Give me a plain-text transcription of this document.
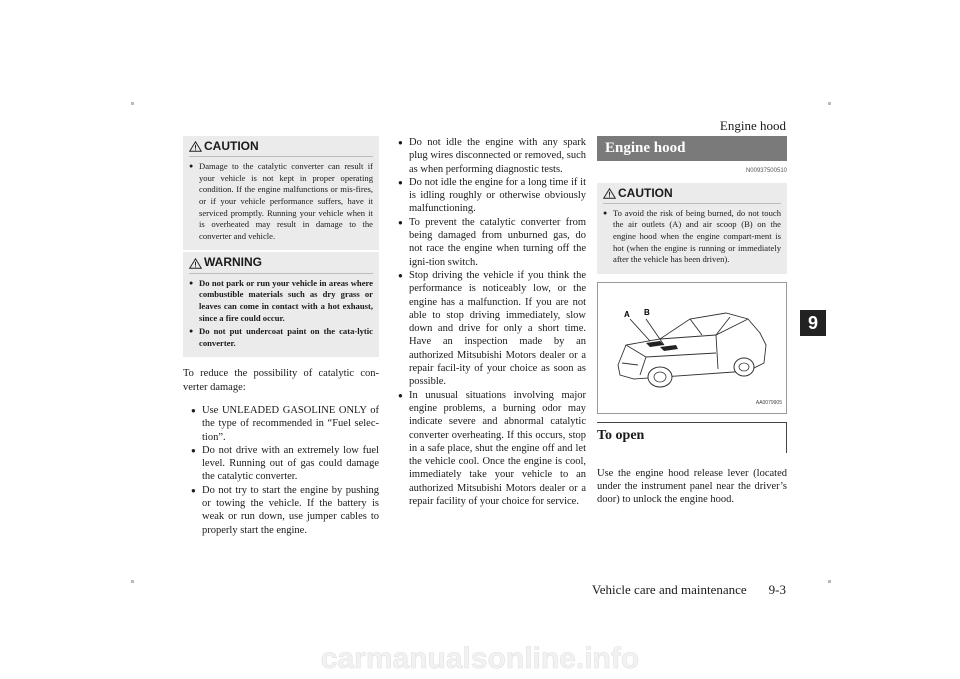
Engine hood
9
Vehicle care and maintenance 9-3
CAUTION
● Damage to the catalytic converter can result if your vehicle is not kept in proper operating condition. If the engine malfunctions or mis-fires, or if your vehicle performance suffers, have it serviced promptly. Running your vehicle when it is overheated may result in damage to the converter and vehicle.
WARNING
● Do not park or run your vehicle in areas where combustible materials such as dry grass or leaves can come in contact with a hot exhaust, since a fire could occur.
● Do not put undercoat paint on the cata-lytic converter.

To reduce the possibility of catalytic con-verter damage:

● Use UNLEADED GASOLINE ONLY of the type of recommended in “Fuel selec-tion”.
● Do not drive with an extremely low fuel level. Running out of gas could damage the catalytic converter.
● Do not try to start the engine by pushing or towing the vehicle. If the battery is weak or run down, use jumper cables to properly start the engine.
● Do not idle the engine with any spark plug wires disconnected or removed, such as when performing diagnostic tests.
● Do not idle the engine for a long time if it is idling roughly or otherwise obviously malfunctioning.
● To prevent the catalytic converter from being damaged from unburned gas, do not race the engine when turning off the igni-tion switch.
● Stop driving the vehicle if you think the performance is noticeably low, or the engine has a malfunction. If you are not able to stop driving immediately, slow down and drive for only a short time. Have an inspection made by an authorized Mitsubishi Motors dealer or a repair facil-ity of your choice as soon as possible.
● In unusual situations involving major engine problems, a burning odor may indicate severe and abnormal catalytic converter overheating. If this occurs, stop in a safe place, shut the engine off and let the vehicle cool. Once the engine is cool, immediately take your vehicle to an authorized Mitsubishi Motors dealer or a repair facility of your choice for service.
Engine hood
N00937500510
CAUTION
● To avoid the risk of being burned, do not touch the air outlets (A) and air scoop (B) on the engine hood when the engine compart-ment is hot (when the engine is running or immediately after the vehicle has been driven).
A B
AA0079905
To open

Use the engine hood release lever (located under the instrument panel near the driver’s door) to unlock the engine hood.

carmanualsonline.info
